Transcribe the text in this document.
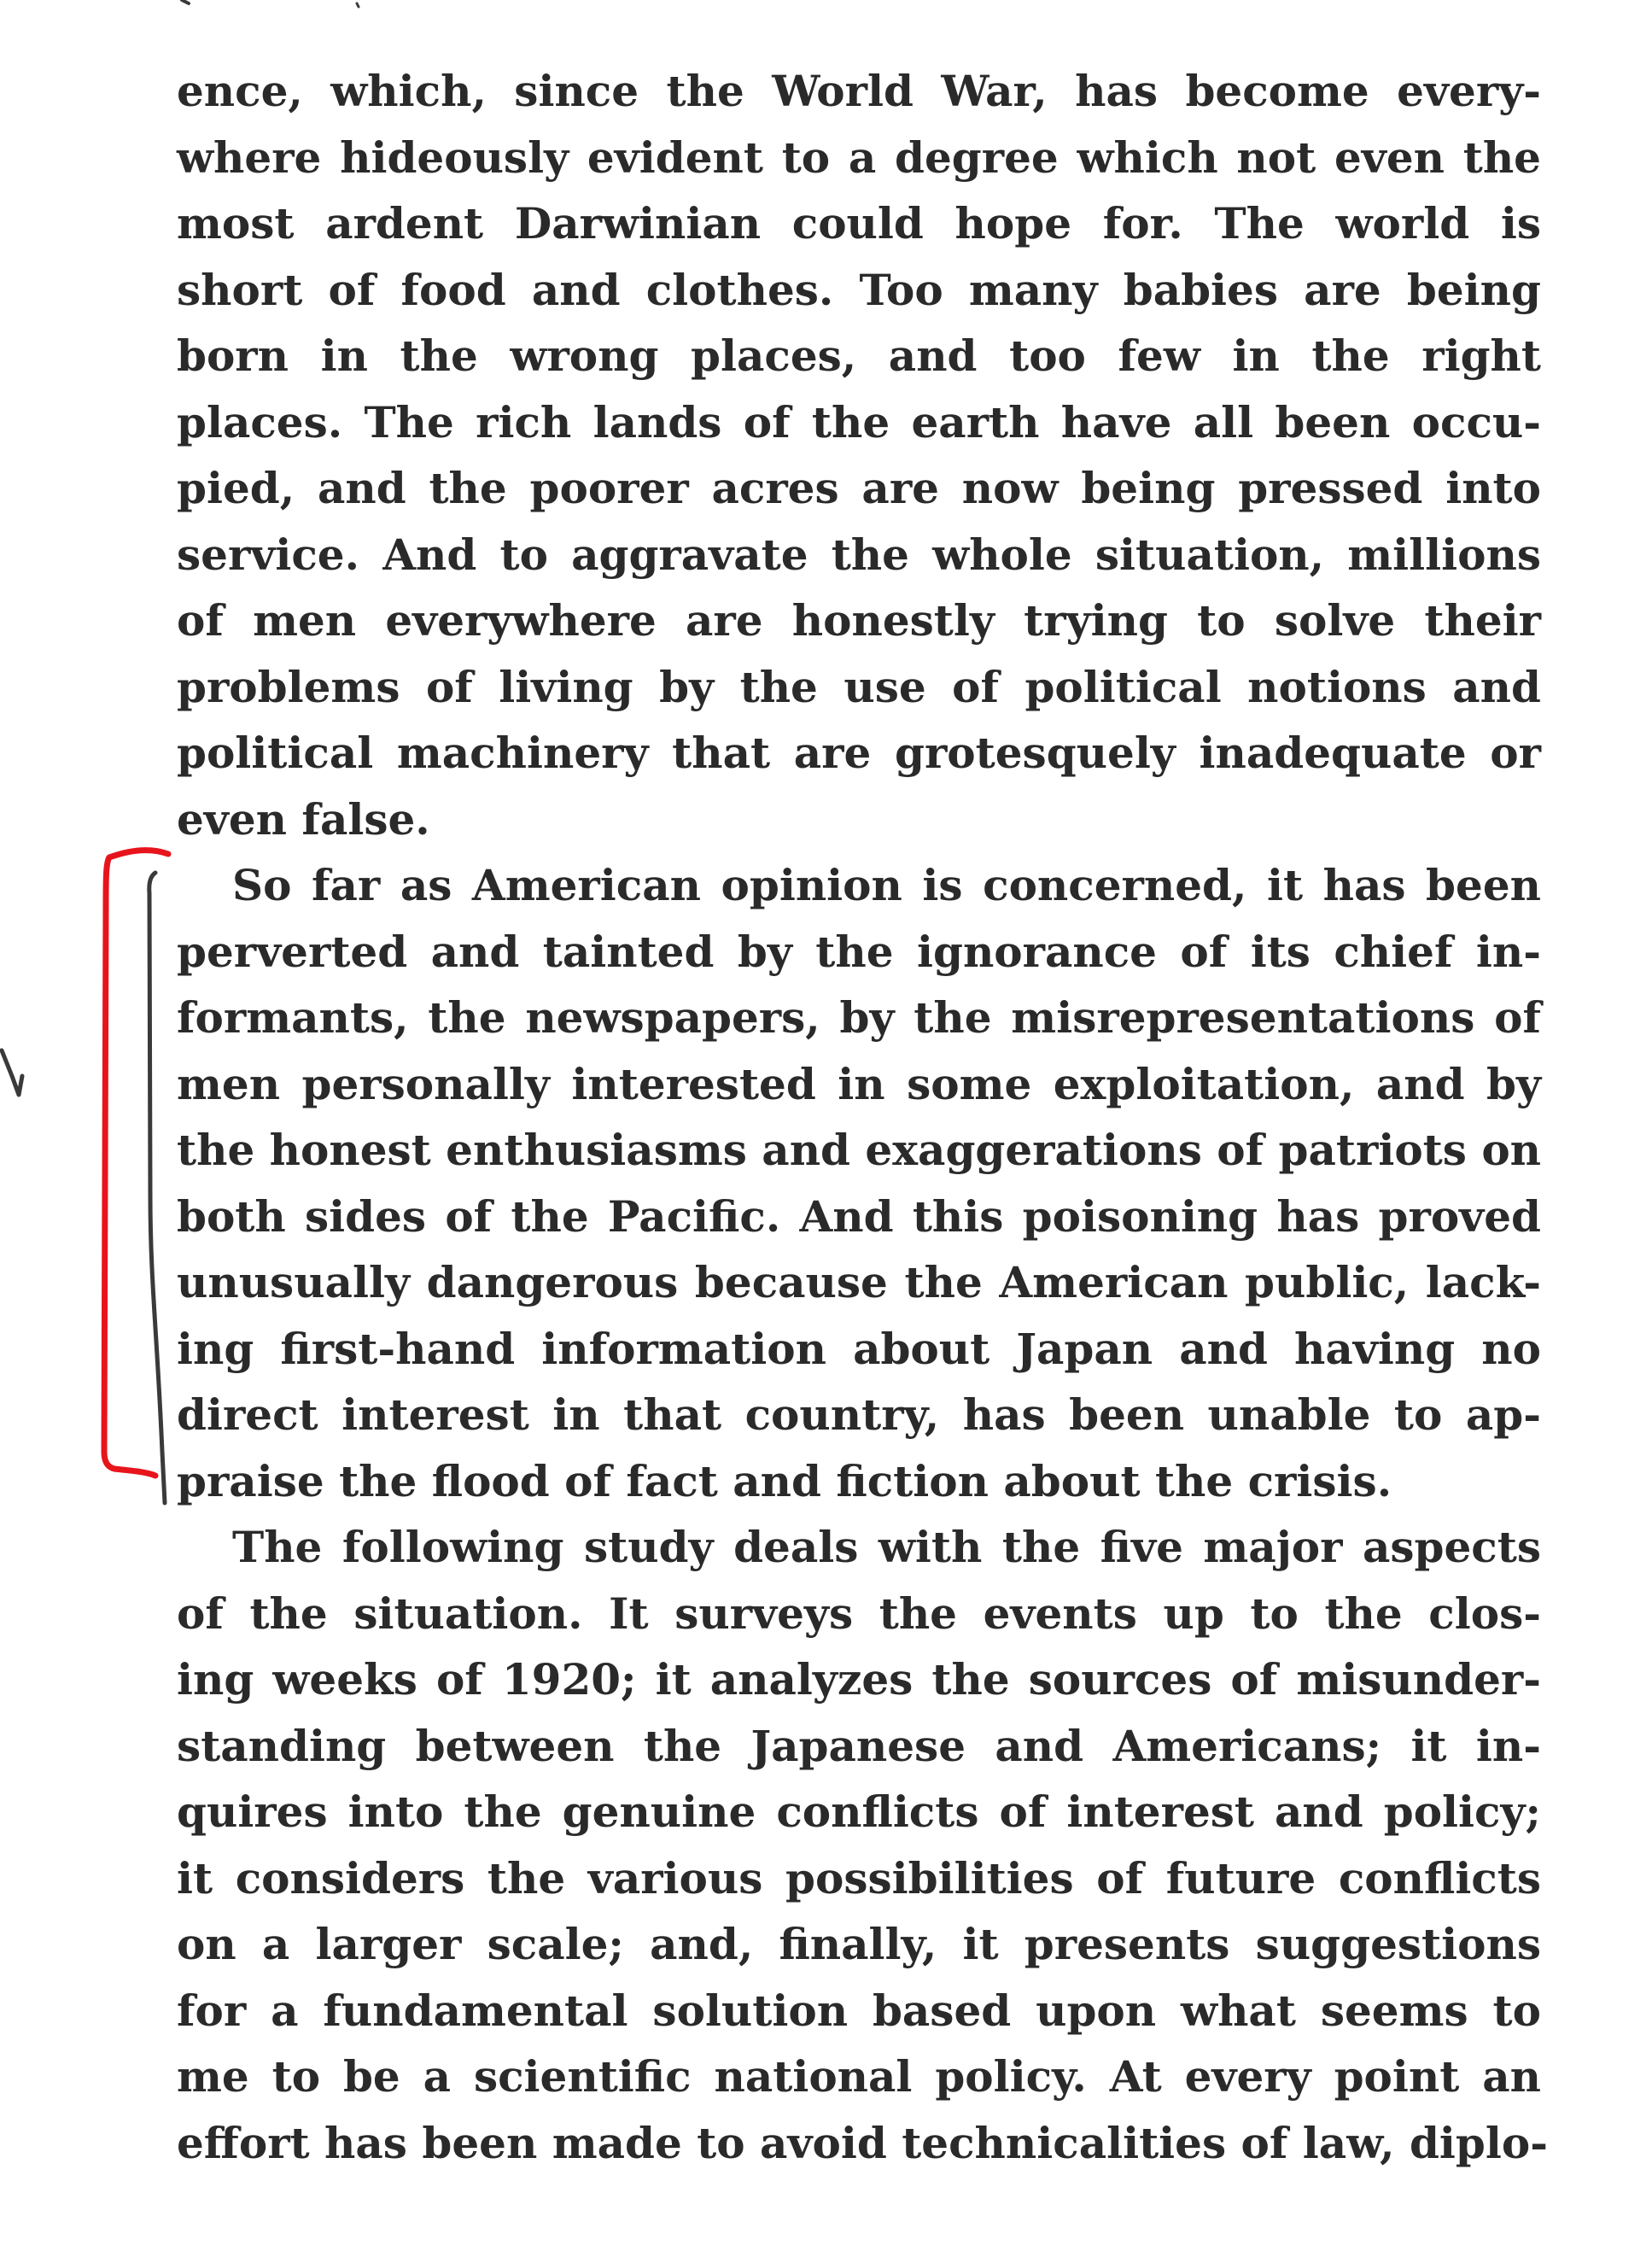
ence, which, since the World War, has become every-
where hideously evident to a degree which not even the
most ardent Darwinian could hope for. The world is
short of food and clothes. Too many babies are being
born in the wrong places, and too few in the right
places. The rich lands of the earth have all been occu-
pied, and the poorer acres are now being pressed into
service. And to aggravate the whole situation, millions
of men everywhere are honestly trying to solve their
problems of living by the use of political notions and
political machinery that are grotesquely inadequate or
even false.
So far as American opinion is concerned, it has been
perverted and tainted by the ignorance of its chief in-
formants, the newspapers, by the misrepresentations of
men personally interested in some exploitation, and by
the honest enthusiasms and exaggerations of patriots on
both sides of the Pacific. And this poisoning has proved
unusually dangerous because the American public, lack-
ing first-hand information about Japan and having no
direct interest in that country, has been unable to ap-
praise the flood of fact and fiction about the crisis.
The following study deals with the five major aspects
of the situation. It surveys the events up to the clos-
ing weeks of 1920; it analyzes the sources of misunder-
standing between the Japanese and Americans; it in-
quires into the genuine conflicts of interest and policy;
it considers the various possibilities of future conflicts
on a larger scale; and, finally, it presents suggestions
for a fundamental solution based upon what seems to
me to be a scientific national policy. At every point an
effort has been made to avoid technicalities of law, diplo-
